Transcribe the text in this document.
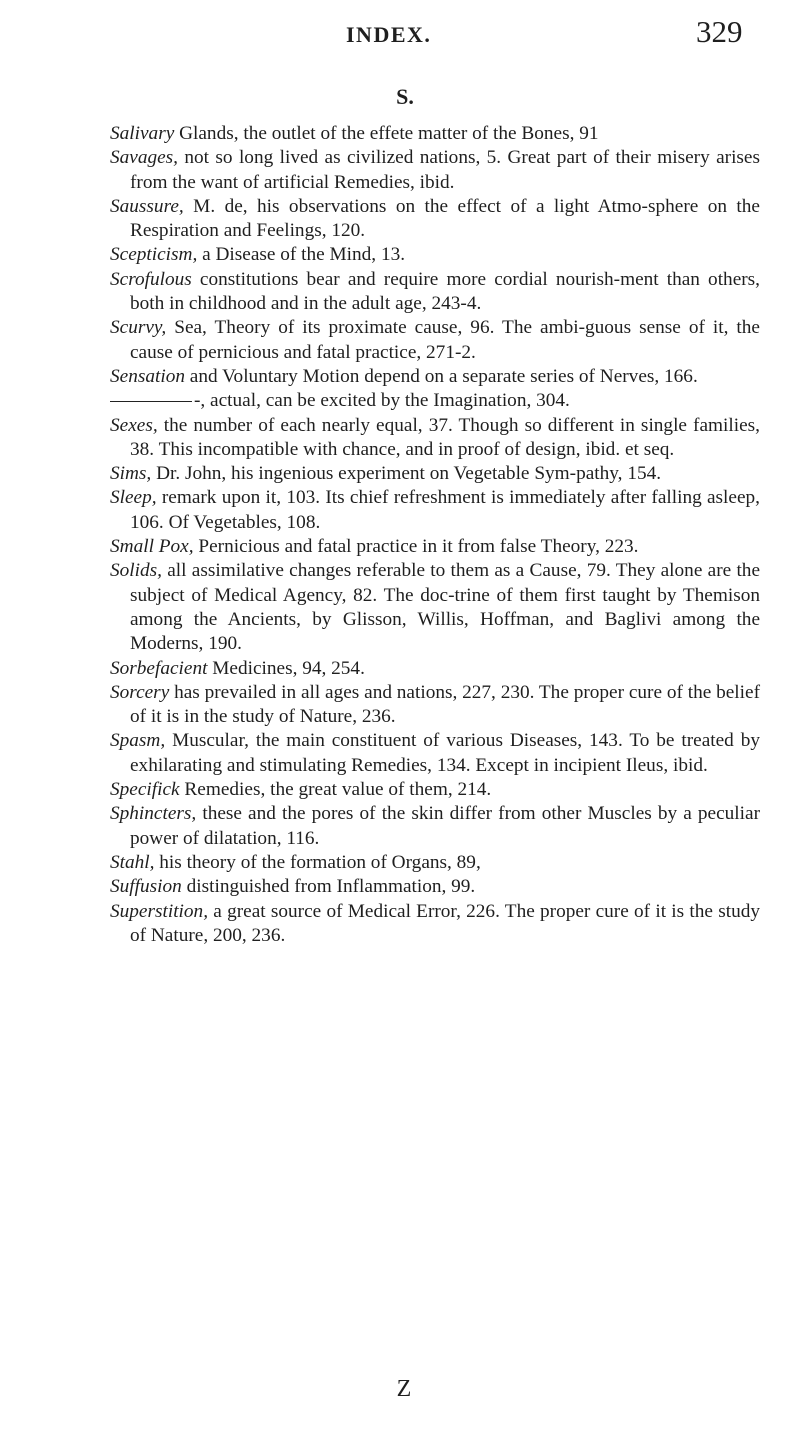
INDEX.	329
S.

Salivary Glands, the outlet of the effete matter of the Bones, 91

Savages, not so long lived as civilized nations, 5. Great part of their misery arises from the want of artificial Remedies, ibid.

Saussure, M. de, his observations on the effect of a light Atmo-sphere on the Respiration and Feelings, 120.

Scepticism, a Disease of the Mind, 13.

Scrofulous constitutions bear and require more cordial nourish-ment than others, both in childhood and in the adult age, 243-4.

Scurvy, Sea, Theory of its proximate cause, 96. The ambi-guous sense of it, the cause of pernicious and fatal practice, 271-2.

Sensation and Voluntary Motion depend on a separate series of Nerves, 166.

-, actual, can be excited by the Imagination, 304.

Sexes, the number of each nearly equal, 37. Though so different in single families, 38. This incompatible with chance, and in proof of design, ibid. et seq.

Sims, Dr. John, his ingenious experiment on Vegetable Sym-pathy, 154.

Sleep, remark upon it, 103. Its chief refreshment is immediately after falling asleep, 106. Of Vegetables, 108.

Small Pox, Pernicious and fatal practice in it from false Theory, 223.

Solids, all assimilative changes referable to them as a Cause, 79. They alone are the subject of Medical Agency, 82. The doc-trine of them first taught by Themison among the Ancients, by Glisson, Willis, Hoffman, and Baglivi among the Moderns, 190.

Sorbefacient Medicines, 94, 254.

Sorcery has prevailed in all ages and nations, 227, 230. The proper cure of the belief of it is in the study of Nature, 236.

Spasm, Muscular, the main constituent of various Diseases, 143. To be treated by exhilarating and stimulating Remedies, 134. Except in incipient Ileus, ibid.

Specifick Remedies, the great value of them, 214.

Sphincters, these and the pores of the skin differ from other Muscles by a peculiar power of dilatation, 116.

Stahl, his theory of the formation of Organs, 89,

Suffusion distinguished from Inflammation, 99.

Superstition, a great source of Medical Error, 226. The proper cure of it is the study of Nature, 200, 236.

Z
